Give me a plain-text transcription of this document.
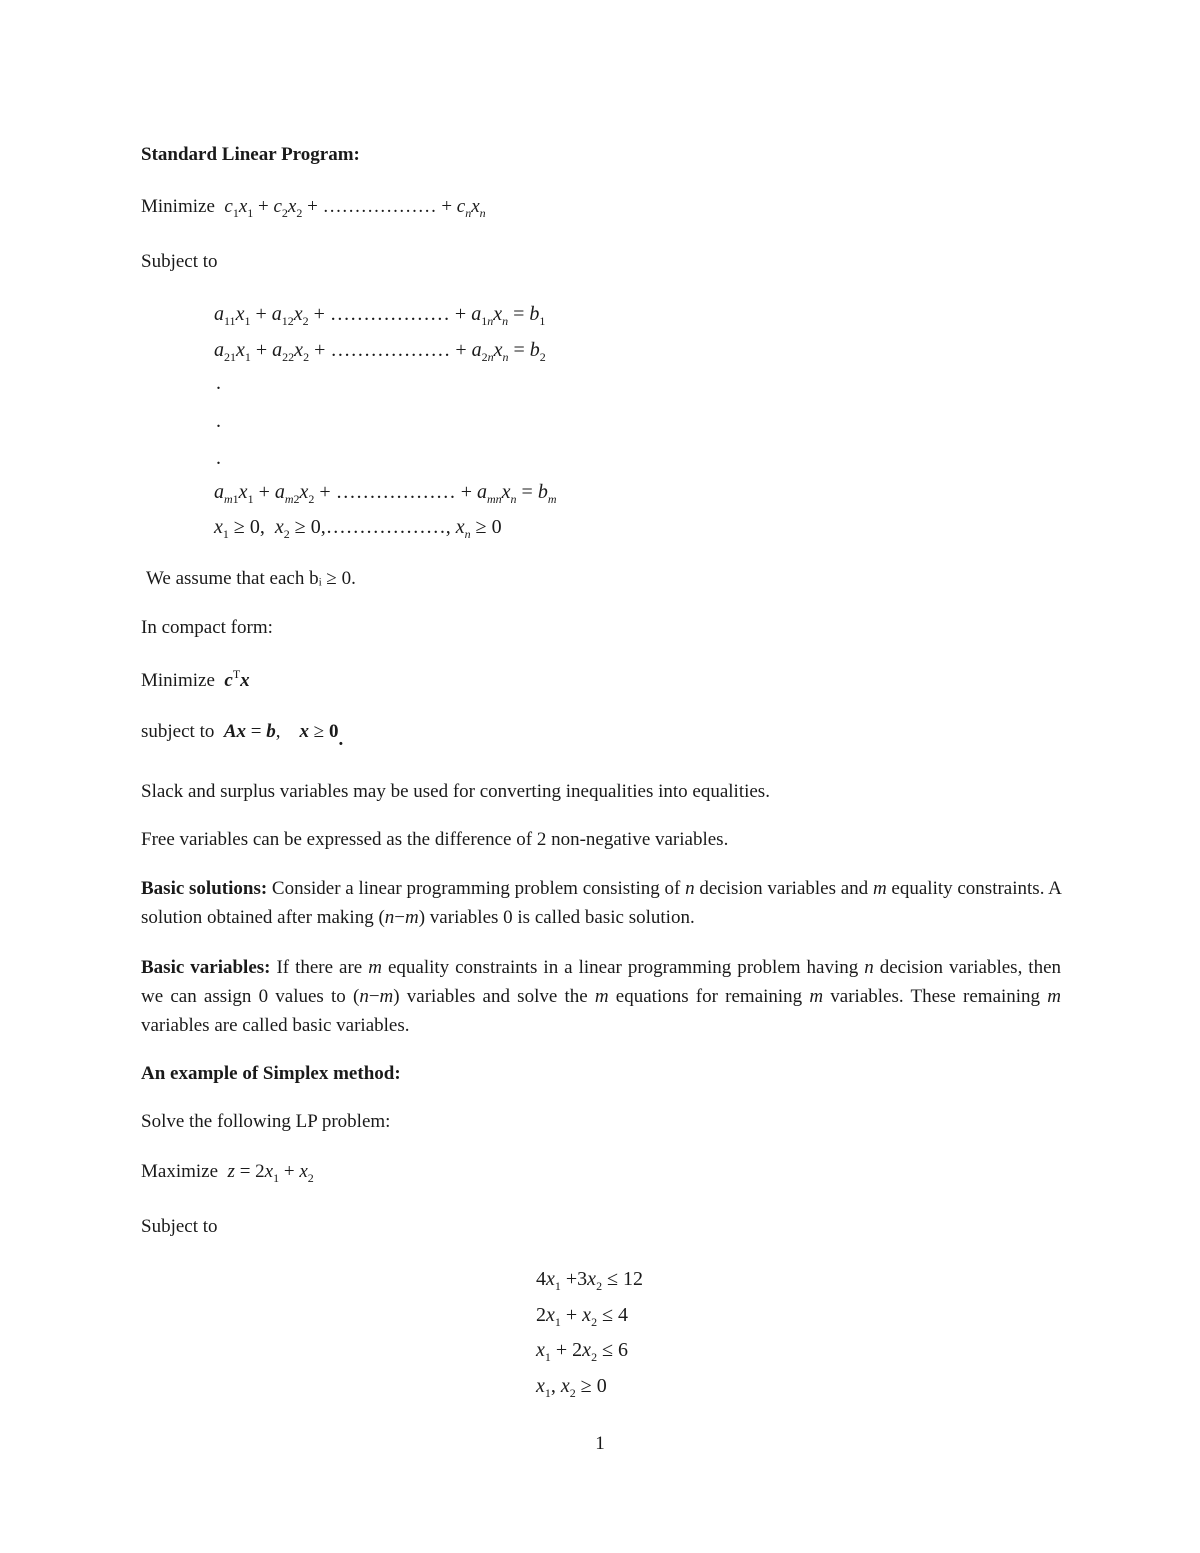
Standard Linear Program:
Minimize $c_1x_1 + c_2x_2$ + ……………… + $c_nx_n$
Subject to
$a_{11}x_1 + a_{12}x_2$ + ……………… + $a_{1n}x_n = b_1$
$a_{21}x_1 + a_{22}x_2$ + ……………… + $a_{2n}x_n = b_2$
.
.
.
$a_{m1}x_1 + a_{m2}x_2$ + ……………… + $a_{mn}x_n = b_m$
$x_1 \ge 0$,  $x_2$ ≥ 0,………………, $x_n \ge 0$
We assume that each bᵢ ≥ 0.
In compact form:
Minimize $c^Tx$
subject to Ax = b,    x ≥ 0.
Slack and surplus variables may be used for converting inequalities into equalities.
Free variables can be expressed as the difference of 2 non-negative variables.
Basic solutions: Consider a linear programming problem consisting of n decision variables and m equality constraints. A solution obtained after making (n−m) variables 0 is called basic solution.
Basic variables: If there are m equality constraints in a linear programming problem having n decision variables, then we can assign 0 values to (n−m) variables and solve the m equations for remaining m variables. These remaining m variables are called basic variables.
An example of Simplex method:
Solve the following LP problem:
Maximize $z = 2x_1 + x_2$
Subject to
$4x_1 +3x_2 \le 12$
$2x_1 + x_2 \le 4$
$x_1 + 2x_2 \le 6$
$x_1$, $x_2 \ge 0$
1
